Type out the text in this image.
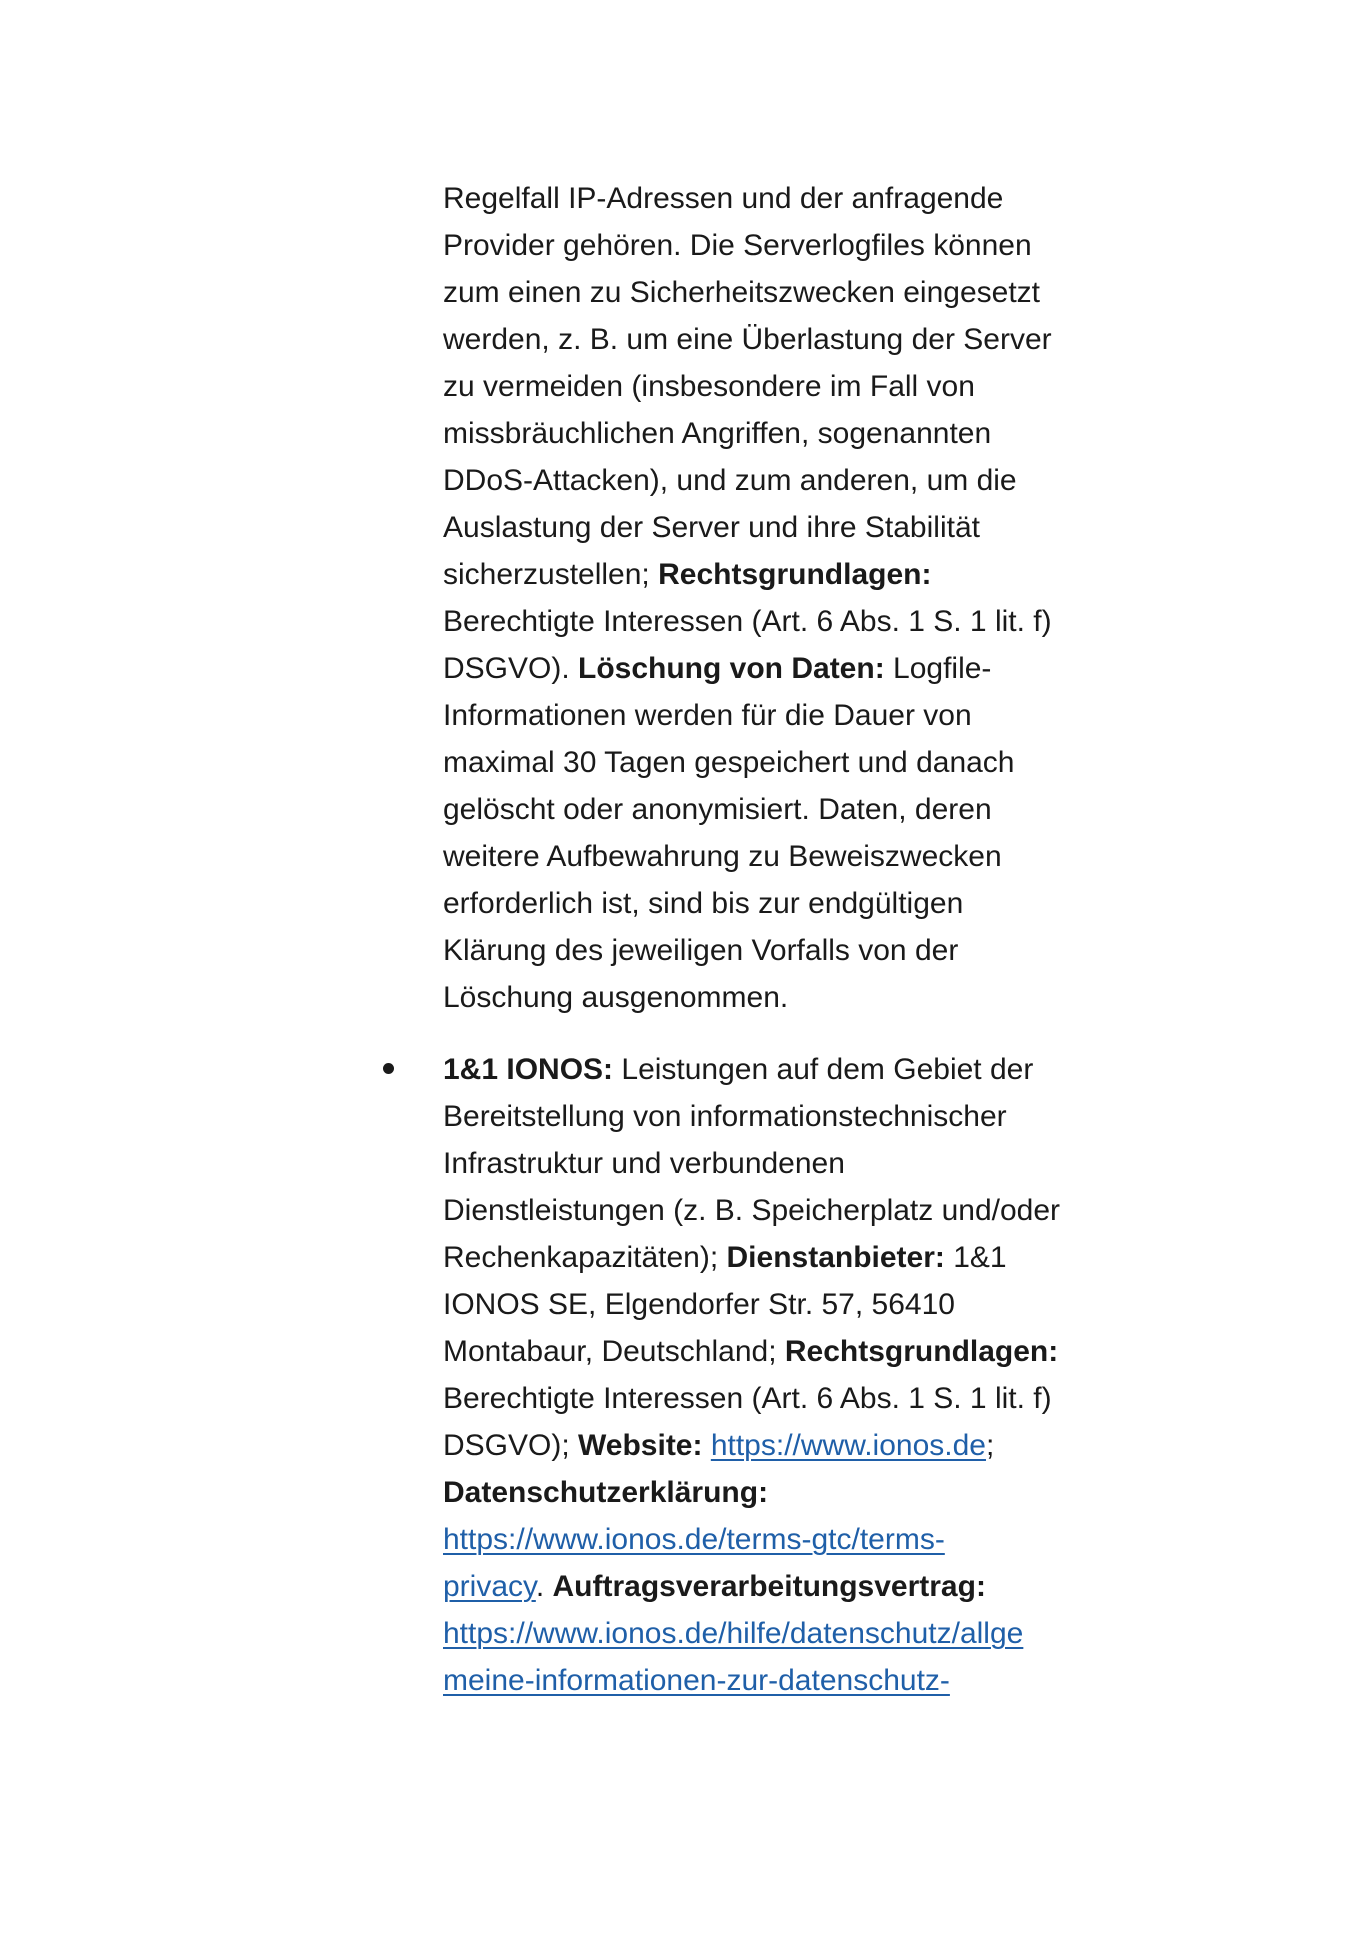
Regelfall IP-Adressen und der anfragende
Provider gehören. Die Serverlogfiles können
zum einen zu Sicherheitszwecken eingesetzt
werden, z. B. um eine Überlastung der Server
zu vermeiden (insbesondere im Fall von
missbräuchlichen Angriffen, sogenannten
DDoS-Attacken), und zum anderen, um die
Auslastung der Server und ihre Stabilität
sicherzustellen; Rechtsgrundlagen:
Berechtigte Interessen (Art. 6 Abs. 1 S. 1 lit. f)
DSGVO). Löschung von Daten: Logfile-
Informationen werden für die Dauer von
maximal 30 Tagen gespeichert und danach
gelöscht oder anonymisiert. Daten, deren
weitere Aufbewahrung zu Beweiszwecken
erforderlich ist, sind bis zur endgültigen
Klärung des jeweiligen Vorfalls von der
Löschung ausgenommen.
1&1 IONOS: Leistungen auf dem Gebiet der
Bereitstellung von informationstechnischer
Infrastruktur und verbundenen
Dienstleistungen (z. B. Speicherplatz und/oder
Rechenkapazitäten); Dienstanbieter: 1&1
IONOS SE, Elgendorfer Str. 57, 56410
Montabaur, Deutschland; Rechtsgrundlagen:
Berechtigte Interessen (Art. 6 Abs. 1 S. 1 lit. f)
DSGVO); Website: https://www.ionos.de;
Datenschutzerklärung:
https://www.ionos.de/terms-gtc/terms-
privacy. Auftragsverarbeitungsvertrag:
https://www.ionos.de/hilfe/datenschutz/allge
meine-informationen-zur-datenschutz-
